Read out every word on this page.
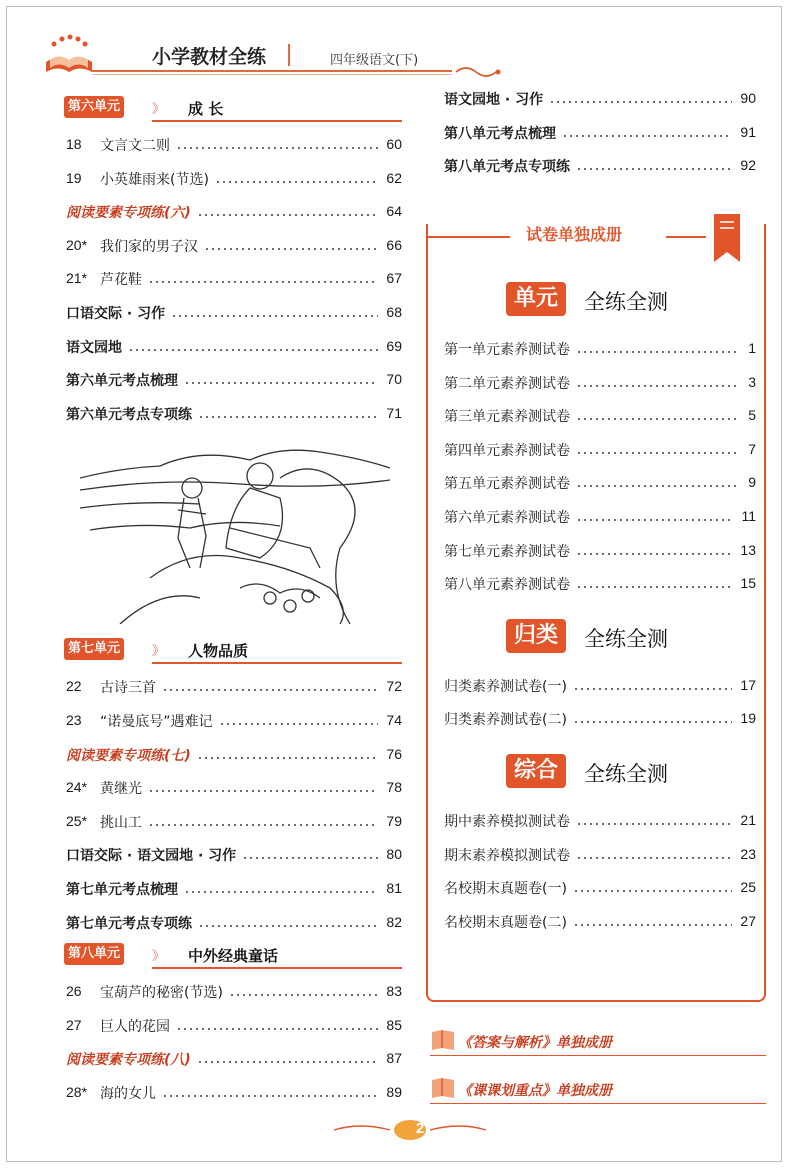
小学教材全练	四年级语文(下)
第六单元	》 成 长
18 文言文二则	60
19 小英雄雨来(节选)	62
阅读要素专项练(六)	64
20* 我们家的男子汉	66
21* 芦花鞋	67
口语交际 · 习作	68
语文园地	69
第六单元考点梳理	70
第六单元考点专项练	71
第七单元	》 人物品质
22 古诗三首	72
23 “诺曼底号”遇难记	74
阅读要素专项练(七)	76
24* 黄继光	78
25* 挑山工	79
口语交际 · 语文园地 · 习作	80
第七单元考点梳理	81
第七单元考点专项练	82
第八单元	》 中外经典童话
26 宝葫芦的秘密(节选)	83
27 巨人的花园	85
阅读要素专项练(八)	87
28* 海的女儿	89
语文园地 · 习作	90
第八单元考点梳理	91
第八单元考点专项练	92
试卷单独成册
单元	全练全测
第一单元素养测试卷	1
第二单元素养测试卷	3
第三单元素养测试卷	5
第四单元素养测试卷	7
第五单元素养测试卷	9
第六单元素养测试卷	11
第七单元素养测试卷	13
第八单元素养测试卷	15
归类	全练全测
归类素养测试卷(一)	17
归类素养测试卷(二)	19
综合	全练全测
期中素养模拟测试卷	21
期末素养模拟测试卷	23
名校期末真题卷(一)	25
名校期末真题卷(二)	27
《答案与解析》单独成册
《课课划重点》单独成册
2
